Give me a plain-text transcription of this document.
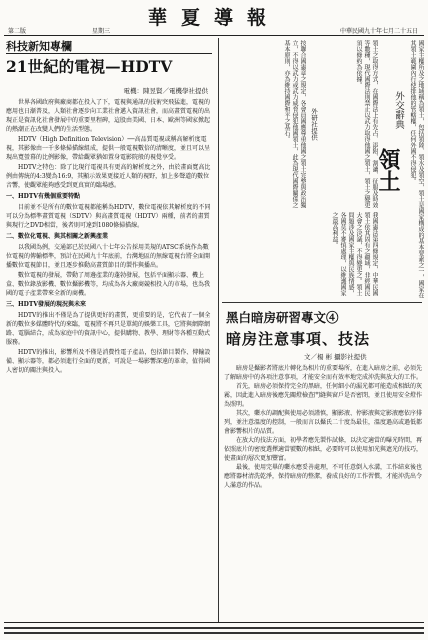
華夏導報
第二版	星期三	中華民國九十年七月二十五日
科技新知專欄
21世紀的電視—HDTV
電機：陳昱賢／電機學社提供

世界各國政府與廠商都在投入了下，電視與通訊的技術突飛猛進，電視的應用也日漸普及，人類社會逐步向工業社會邁入資訊社會，而高畫質電視的出現正是資訊化社會發展中的重要里程碑，這股由美國、日本、歐洲等國家掀起的熱潮正在改變人們的生活型態。

HDTV（High Definition Television）──高品質電視或稱高解析度電視，其影像由一千多條掃描線組成，提供一般電視數倍的清晰度，並且可以呈現出寬螢幕的比例影像，帶給觀眾猶如置身電影院般的視覺享受。

HDTV之特色：除了比現行電視具有更高的解析度之外，由於畫面寬高比例由傳統的4:3變為16:9，其顯示效果更接近人類的視野，加上多聲道的數位音響，使觀眾能夠感受到更真實的臨場感。

一、HDTV有幾個重要特點

目前並不是所有的數位電視都能稱為HDTV，數位電視依其解析度的不同可以分為標準畫質電視（SDTV）與高畫質電視（HDTV）兩種，前者的畫質與現行之DVD相當，後者則可達到1080條掃描線。

二、數位化電視、與其相關之新興產業

以我國為例，交通部已於民國八十七年公告採用美規的ATSC系統作為數位電視的傳輸標準，預計在民國九十年底前，台灣地區的無線電視台將全面開播數位電視節目，並且逐步推動高畫質節目的製作與播出。

數位電視的發展，帶動了周邊產業的蓬勃發展，包括平面顯示器、機上盒、數位錄放影機、數位攝影機等，均成為各大廠商競相投入的市場，也為我國的電子產業帶來全新的商機。

三、HDTV發展的現況與未來

HDTV的推出不僅是為了提供更好的畫質，更重要的是，它代表了一個全新的數位多媒體時代的來臨，電視將不再只是單純的娛樂工具，它將與網際網路、電腦結合，成為家庭中的資訊中心，提供購物、教學、理財等各種互動式服務。

HDTV的推出，影響所及不僅是消費性電子產品，包括節目製作、傳輸設備、顯示器等，都必須進行全面的更新，可說是一場影響深遠的革命，值得國人密切的關注與投入。

國家主權所及之地域稱為領土，包括領陸、領水及領空，領土是國家構成的基本要素之一，國家在其領土範圍內行使排他的管轄權，任何外國不得侵犯。
外交辭典
領土
領土之取得方式，在國際法上有先占、添附、割讓、征服及時效等數種，現代國際法則禁止以武力取得他國之領土，領土之變更須以條約為依據。
外研社提供
按聯合國憲章之規定，各會員國應尊重他國之領土完整與政治獨立，不得以武力或武力威脅侵犯他國領土，此為現代國際關係之基本原則，亦為維持國際和平之基石。
我國憲法第四條規定，中華民國領土依其固有之疆域，非經國民大會之決議，不得變更之。領土問題涉及國家主權與民族情感，各國莫不審慎處理，以維護國家之最高利益。
黑白暗房研習專文④
暗房注意事項、技法
文／楊 彬 攝影社提供

暗房是攝影者將底片轉化為相片的重要場所，在進入暗房之前，必須先了解暗房中的各項注意事項，才能安全而有效率地完成沖洗與放大的工作。

首先，暗房必須保持完全的黑暗，任何細小的漏光都可能造成相紙的灰霧，因此進入暗房後應先關燈檢查門縫與窗戶是否密閉，並且使用安全燈作為照明。

其次，藥水的調配與使用必須謹慎，顯影液、停影液與定影液應依序排列，並注意溫度的控制，一般而言以攝氏二十度為最佳，溫度過高或過低都會影響相片的品質。

在放大的技法方面，初學者應先製作試條，以決定適當的曝光時間，再依照底片的密度選擇適當號數的相紙，必要時可以使用加光與遮光的技巧，使畫面的層次更加豐富。

最後，使用完畢的藥水應妥善處理，不可任意倒入水溝，工作結束後也應將器材清洗乾淨，保持暗房的整潔，養成良好的工作習慣，才能沖洗出令人滿意的作品。
